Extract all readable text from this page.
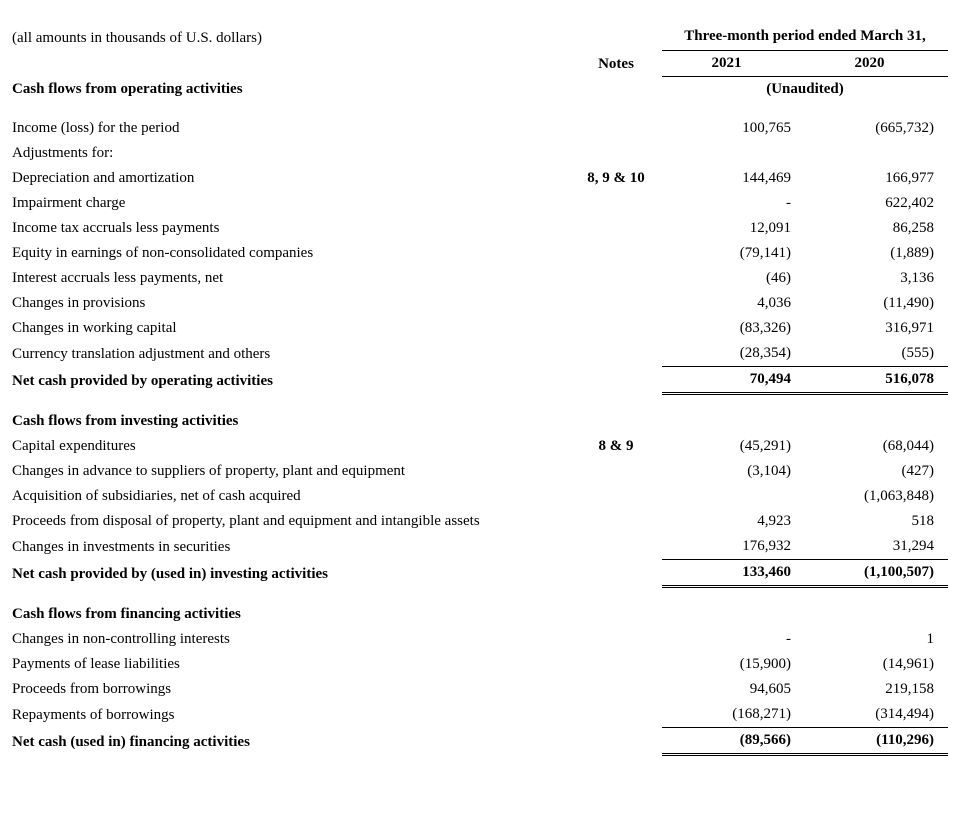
(all amounts in thousands of U.S. dollars)		Three-month period ended March 31,	
	Notes	2021	2020
Cash flows from operating activities		(Unaudited)	

Income (loss) for the period		100,765	(665,732)
Adjustments for:			
Depreciation and amortization	8, 9 & 10	144,469	166,977
Impairment charge		-	622,402
Income tax accruals less payments		12,091	86,258
Equity in earnings of non-consolidated companies		(79,141)	(1,889)
Interest accruals less payments, net		(46)	3,136
Changes in provisions		4,036	(11,490)
Changes in working capital		(83,326)	316,971
Currency translation adjustment and others		(28,354)	(555)
Net cash provided by operating activities		70,494	516,078

Cash flows from investing activities			
Capital expenditures	8 & 9	(45,291)	(68,044)
Changes in advance to suppliers of property, plant and equipment		(3,104)	(427)
Acquisition of subsidiaries, net of cash acquired			(1,063,848)
Proceeds from disposal of property, plant and equipment and intangible assets		4,923	518
Changes in investments in securities		176,932	31,294
Net cash provided by (used in) investing activities		133,460	(1,100,507)

Cash flows from financing activities			
Changes in non-controlling interests		-	1
Payments of lease liabilities		(15,900)	(14,961)
Proceeds from borrowings		94,605	219,158
Repayments of borrowings		(168,271)	(314,494)
Net cash (used in) financing activities		(89,566)	(110,296)
